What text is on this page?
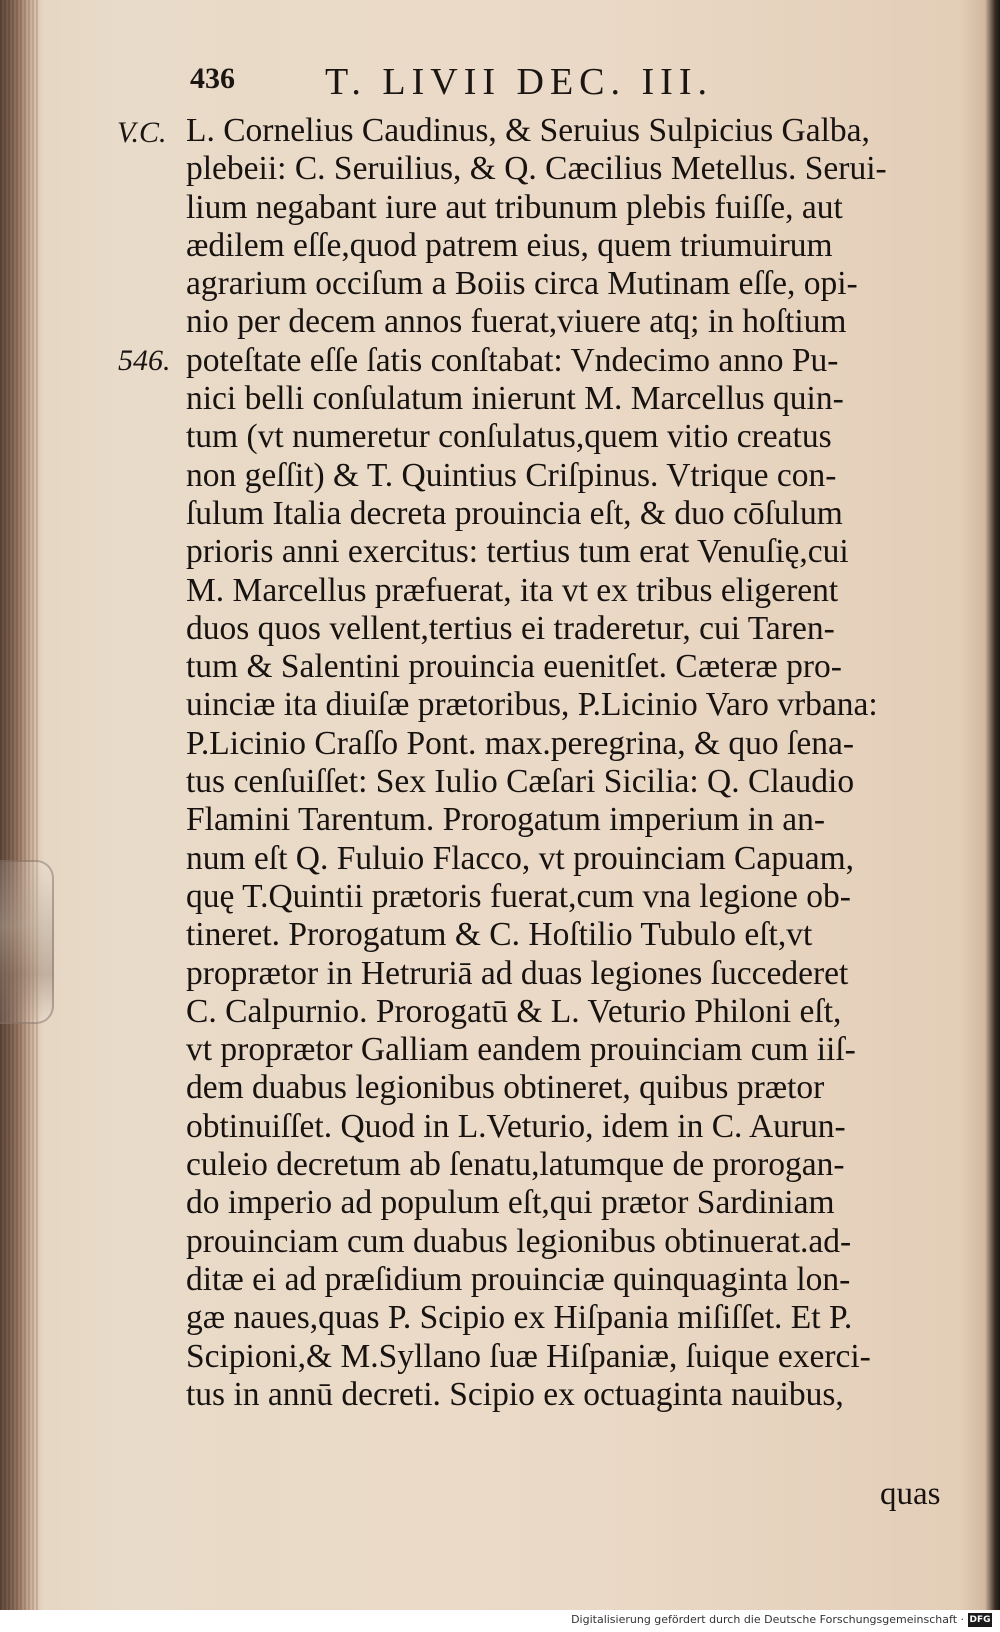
436 T. LIVII DEC. III.
V.C.
546.
L. Cornelius Caudinus, & Seruius Sulpicius Galba,
plebeii: C. Seruilius, & Q. Cæcilius Metellus. Serui-
lium negabant iure aut tribunum plebis fuiſſe, aut
ædilem eſſe,quod patrem eius, quem triumuirum
agrarium occiſum a Boiis circa Mutinam eſſe, opi-
nio per decem annos fuerat,viuere atq; in hoſtium
poteſtate eſſe ſatis conſtabat: Vndecimo anno Pu-
nici belli conſulatum inierunt M. Marcellus quin-
tum (vt numeretur conſulatus,quem vitio creatus
non geſſit) & T. Quintius Criſpinus. Vtrique con-
ſulum Italia decreta prouincia eſt, & duo cōſulum
prioris anni exercitus: tertius tum erat Venuſię,cui
M. Marcellus præfuerat, ita vt ex tribus eligerent
duos quos vellent,tertius ei traderetur, cui Taren-
tum & Salentini prouincia euenitſet. Cæteræ pro-
uinciæ ita diuiſæ prætoribus, P.Licinio Varo vrbana:
P.Licinio Craſſo Pont. max.peregrina, & quo ſena-
tus cenſuiſſet: Sex Iulio Cæſari Sicilia: Q. Claudio
Flamini Tarentum. Prorogatum imperium in an-
num eſt Q. Fuluio Flacco, vt prouinciam Capuam,
quę T.Quintii prætoris fuerat,cum vna legione ob-
tineret. Prorogatum & C. Hoſtilio Tubulo eſt,vt
proprætor in Hetruriā ad duas legiones ſuccederet
C. Calpurnio. Prorogatū & L. Veturio Philoni eſt,
vt proprætor Galliam eandem prouinciam cum iiſ-
dem duabus legionibus obtineret, quibus prætor
obtinuiſſet. Quod in L.Veturio, idem in C. Aurun-
culeio decretum ab ſenatu,latumque de prorogan-
do imperio ad populum eſt,qui prætor Sardiniam
prouinciam cum duabus legionibus obtinuerat.ad-
ditæ ei ad præſidium prouinciæ quinquaginta lon-
gæ naues,quas P. Scipio ex Hiſpania miſiſſet. Et P.
Scipioni,& M.Syllano ſuæ Hiſpaniæ, ſuique exerci-
tus in annū decreti. Scipio ex octuaginta nauibus,
quas
Digitalisierung gefördert durch die Deutsche Forschungsgemeinschaft · DFG
